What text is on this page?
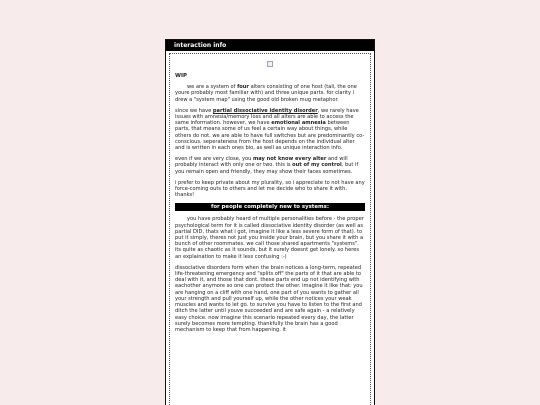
interaction info

WIP

we are a system of four alters consisting of one host (tali, the one youre probably most familiar with) and three unique parts. for clarity i drew a "system map" using the good old broken mug metaphor.

since we have partial dissociative identity disorder, we rarely have issues with amnesia/memory loss and all alters are able to access the same information. however, we have emotional amnesia between parts, that means some of us feel a certain way about things, while others do not. we are able to have full switches but are predominantly co-conscious. seperateness from the host depends on the individual alter and is written in each ones bio, as well as unique interaction info.

even if we are very close, you may not know every alter and will probably interact with only one or two. this is out of my control, but if you remain open and friendly, they may show their faces sometimes.

i prefer to keep private about my plurality, so i appreciate to not have any force-coming outs to others and let me decide who to share it with. thanks!

for people completely new to systems:

you have probably heard of multiple personalities before - the proper psychological term for it is called dissociative identity disorder (as well as partial DID, thats what i got, imagine it like a less severe form of that). to put it simply, theres not just you inside your brain, but you share it with a bunch of other roommates. we call those shared apartments "systems". its quite as chaotic as it sounds, but it surely doesnt get lonely. so heres an explaination to make it less confusing :-)

dissociative disorders form when the brain notices a long-term, repeated life-threatening emergency and "splits off" the parts of it that are able to deal with it, and those that dont. these parts end up not identifying with eachother anymore so one can protect the other. imagine it like that: you are hanging on a cliff with one hand, one part of you wants to gather all your strength and pull yourself up, while the other notices your weak muscles and wants to let go. to survive you have to listen to the first and ditch the latter until youve succeeded and are safe again - a relatively easy choice. now imagine this scenario repeated every day, the latter surely becomes more tempting. thankfully the brain has a good mechanism to keep that from happening. it
